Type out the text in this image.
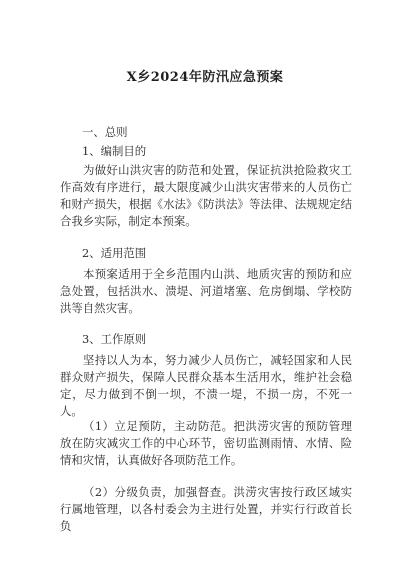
X乡2024年防汛应急预案
一、总则
1、编制目的
为做好山洪灾害的防范和处置，保证抗洪抢险救灾工作高效有序进行，最大限度减少山洪灾害带来的人员伤亡和财产损失，根据《水法》《防洪法》等法律、法规规定结合我乡实际，制定本预案。
2、适用范围
本预案适用于全乡范围内山洪、地质灾害的预防和应急处置，包括洪水、溃堤、河道堵塞、危房倒塌、学校防洪等自然灾害。
3、工作原则
坚持以人为本，努力减少人员伤亡，减轻国家和人民群众财产损失，保障人民群众基本生活用水，维护社会稳定，尽力做到不倒一坝，不溃一堤，不损一房，不死一人。
（1）立足预防，主动防范。把洪涝灾害的预防管理放在防灾减灾工作的中心环节，密切监测雨情、水情、险情和灾情，认真做好各项防范工作。
（2）分级负责，加强督查。洪涝灾害按行政区域实行属地管理，以各村委会为主进行处置，并实行行政首长负
